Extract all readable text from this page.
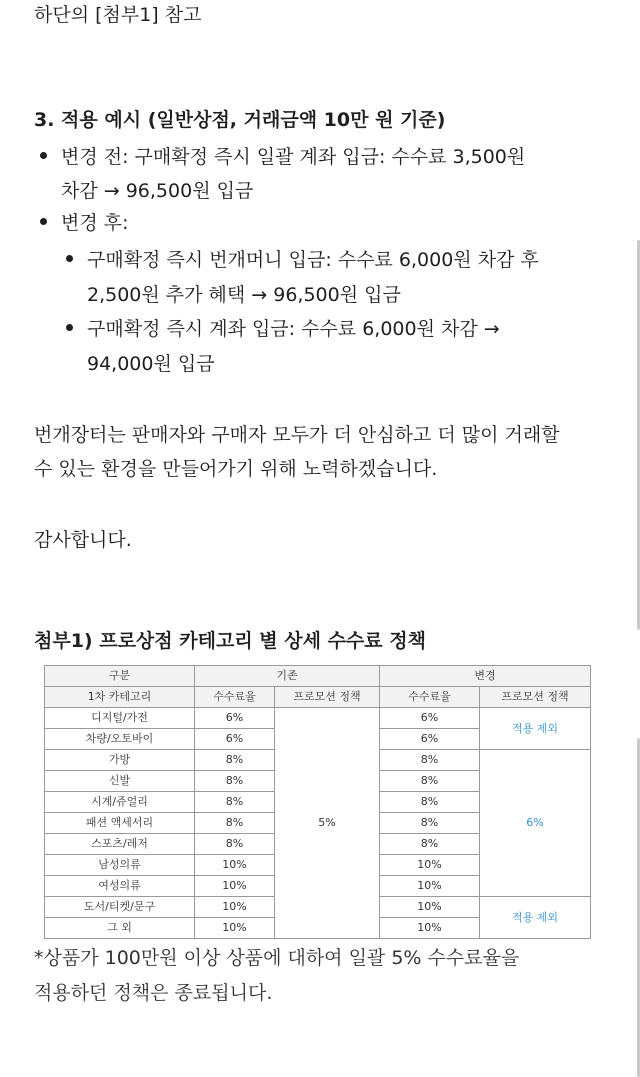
하단의 [첨부1] 참고
3. 적용 예시 (일반상점, 거래금액 10만 원 기준)
변경 전: 구매확정 즉시 일괄 계좌 입금: 수수료 3,500원
차감 → 96,500원 입금
변경 후:
구매확정 즉시 번개머니 입금: 수수료 6,000원 차감 후
2,500원 추가 혜택 → 96,500원 입금
구매확정 즉시 계좌 입금: 수수료 6,000원 차감 →
94,000원 입금
번개장터는 판매자와 구매자 모두가 더 안심하고 더 많이 거래할
수 있는 환경을 만들어가기 위해 노력하겠습니다.
감사합니다.
첨부1) 프로상점 카테고리 별 상세 수수료 정책
구분	기존		변경	
1차 카테고리	수수료율	프로모션 정책	수수료율	프로모션 정책
디지털/가전	6%	5%	6%	적용 제외
차량/오토바이	6%		6%	
가방	8%		8%	6%
신발	8%		8%	
시계/쥬얼리	8%		8%	
패션 액세서리	8%		8%	
스포츠/레저	8%		8%	
남성의류	10%		10%	
여성의류	10%		10%	
도서/티켓/문구	10%		10%	적용 제외
그 외	10%		10%	
*상품가 100만원 이상 상품에 대하여 일괄 5% 수수료율을
적용하던 정책은 종료됩니다.
